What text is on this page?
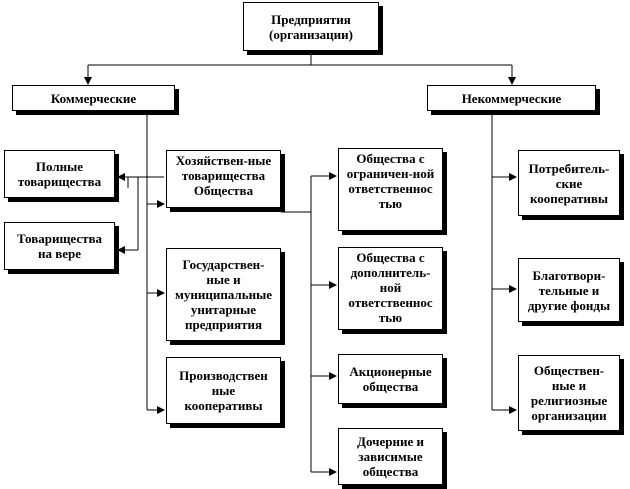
Предприятия
(организации)
Коммерческие	Некоммерческие
Полные
товарищества
Товарищества
на вере
Хозяйствен-ные
товарищества
Общества
Государствен-
ные и
муниципальные
унитарные
предприятия
Производствен
ные
кооперативы
Общества с
ограничен-ной
ответственнос
тью
Общества с
дополнитель-
ной
ответственнос
тью
Акционерные
общества
Дочерние и
зависимые
общества
Потребитель-
ские
кооперативы
Благотвори-
тельные и
другие фонды
Обществен-
ные и
религиозные
организации
